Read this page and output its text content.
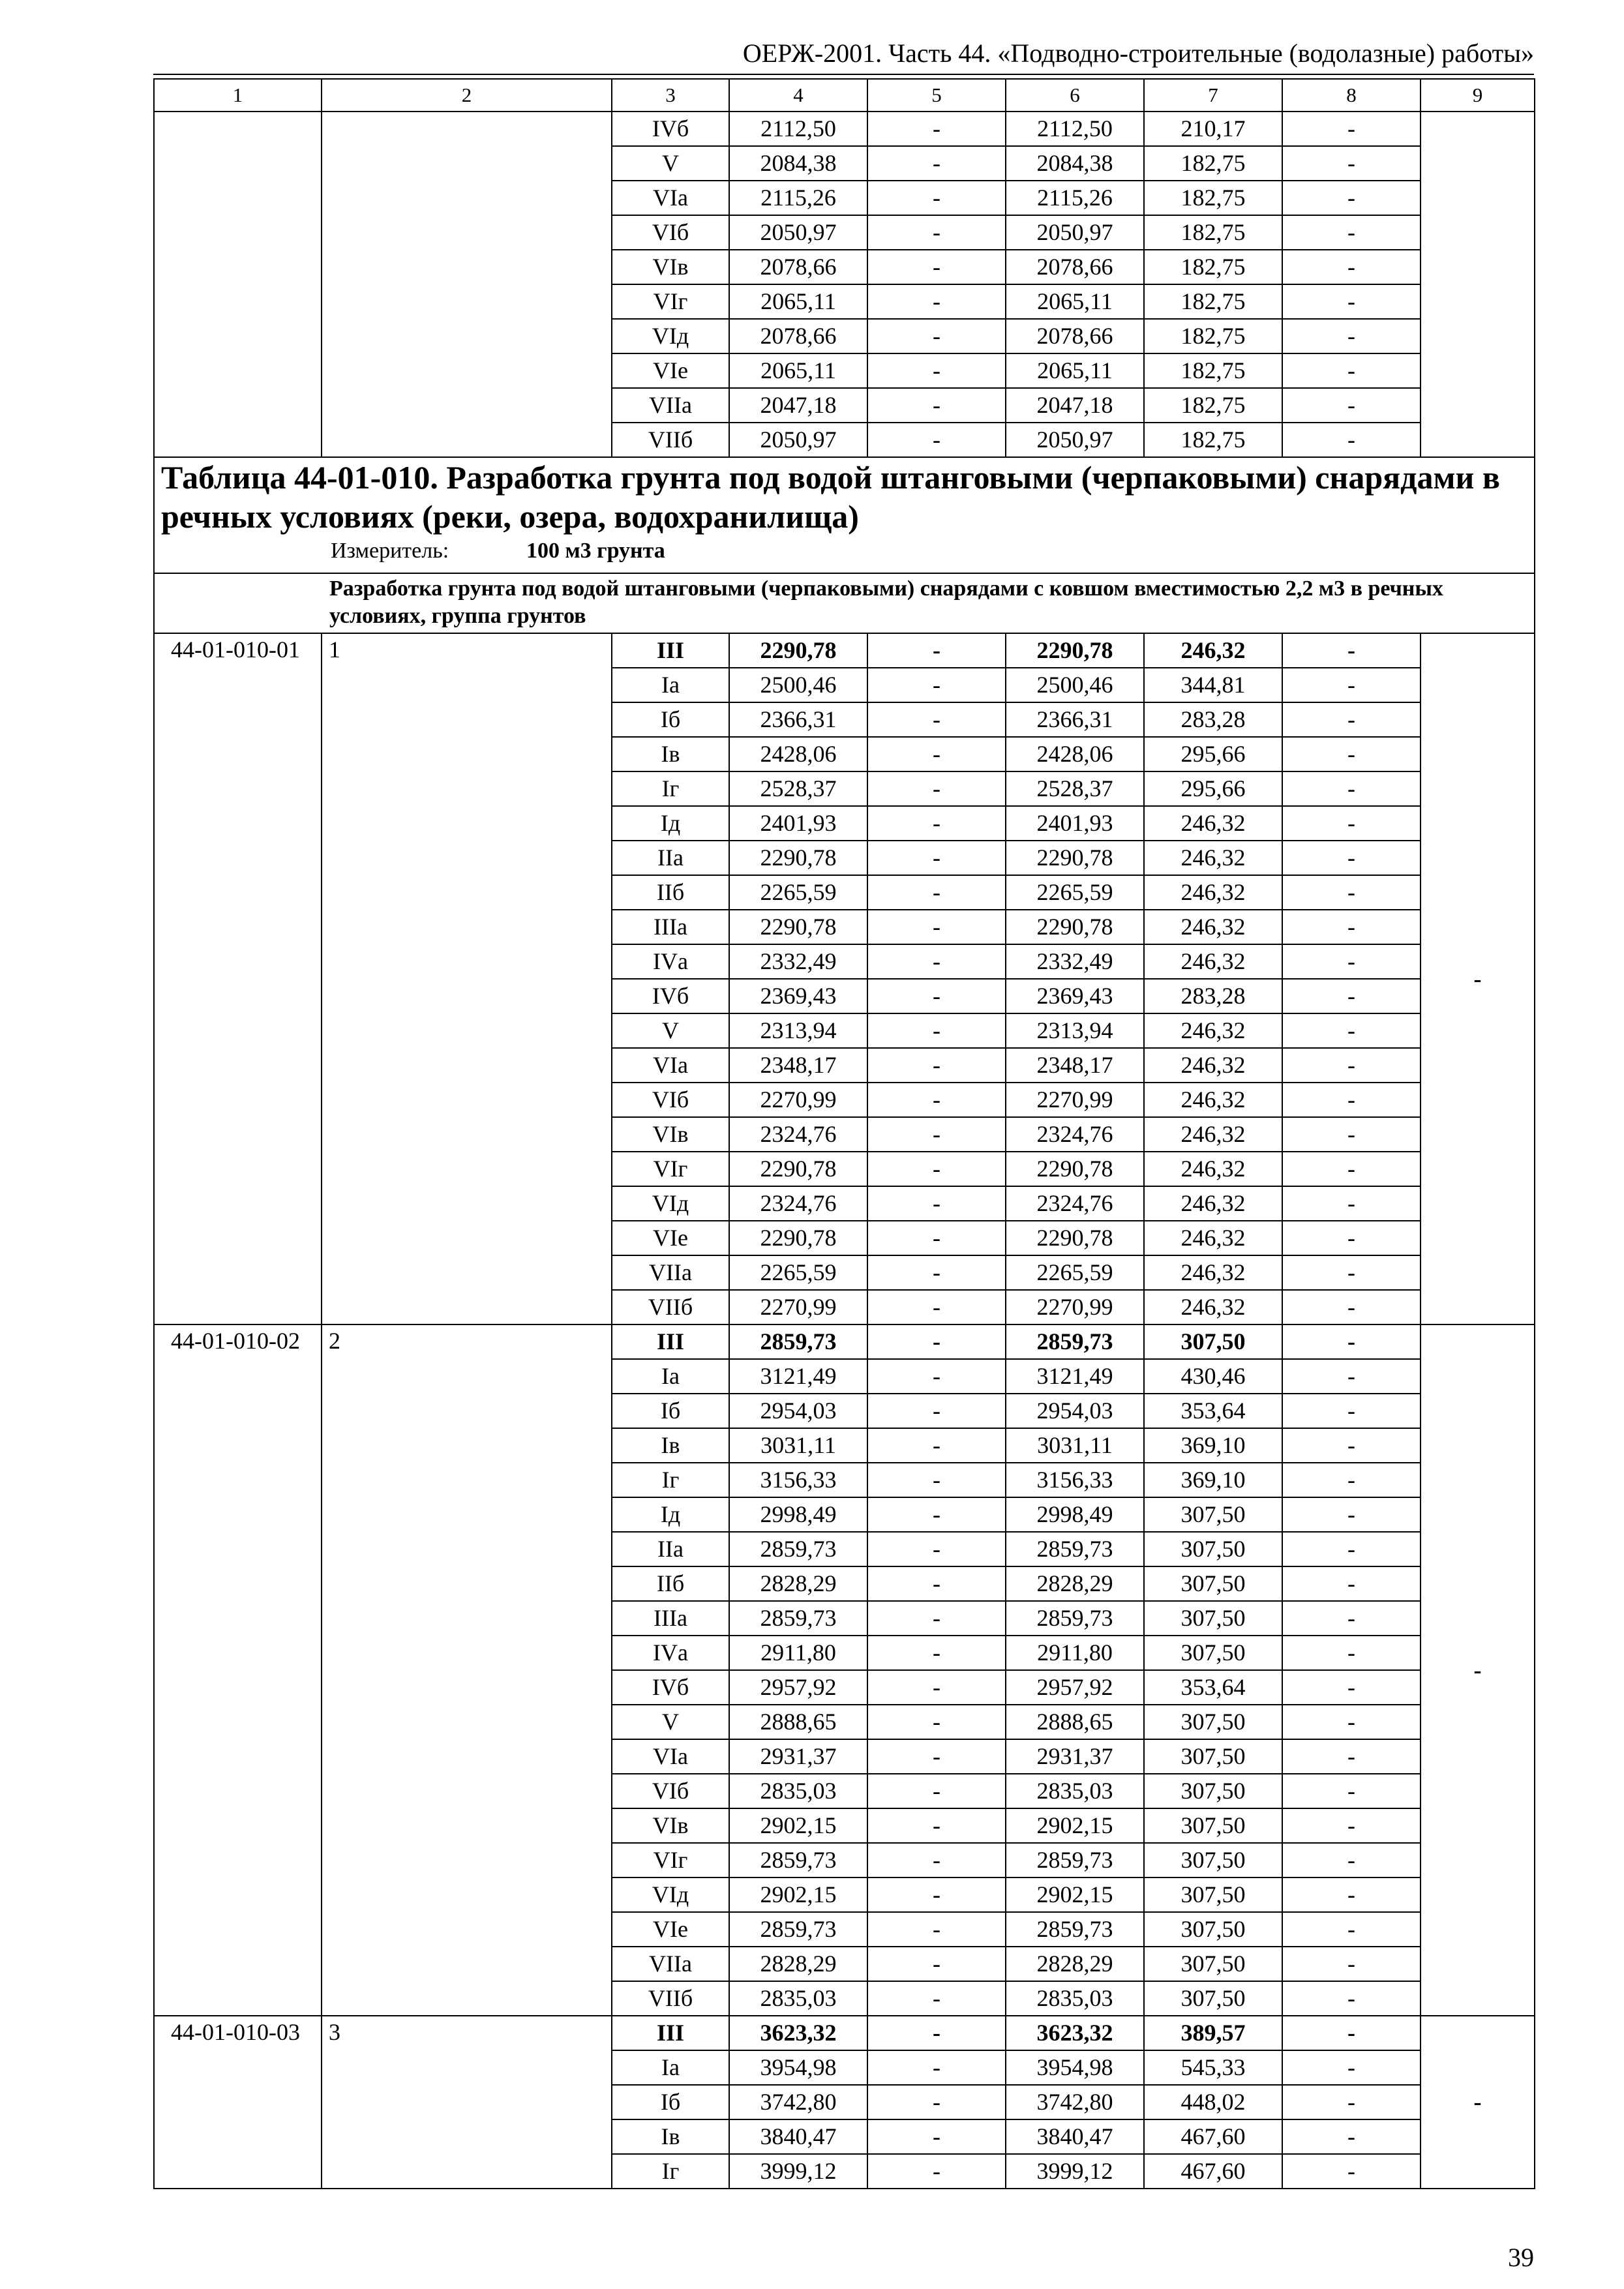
ОЕРЖ-2001. Часть 44. «Подводно-строительные (водолазные) работы»
1	2	3	4	5	6	7	8	9
		IVб	2112,50	-	2112,50	210,17	-	
		V	2084,38	-	2084,38	182,75	-	
		VIа	2115,26	-	2115,26	182,75	-	
		VIб	2050,97	-	2050,97	182,75	-	
		VIв	2078,66	-	2078,66	182,75	-	
		VIг	2065,11	-	2065,11	182,75	-	
		VIд	2078,66	-	2078,66	182,75	-	
		VIе	2065,11	-	2065,11	182,75	-	
		VIIа	2047,18	-	2047,18	182,75	-	
		VIIб	2050,97	-	2050,97	182,75	-	

Таблица 44-01-010. Разработка грунта под водой штанговыми (черпаковыми) снарядами в речных условиях (реки, озера, водохранилища)
Измеритель: 100 м3 грунта								

Разработка грунта под водой штанговыми (черпаковыми) снарядами с ковшом вместимостью 2,2 м3 в речных условиях, группа грунтов								
44-01-010-01	1	III	2290,78	-	2290,78	246,32	-	-
		Iа	2500,46	-	2500,46	344,81	-	
		Iб	2366,31	-	2366,31	283,28	-	
		Iв	2428,06	-	2428,06	295,66	-	
		Iг	2528,37	-	2528,37	295,66	-	
		Iд	2401,93	-	2401,93	246,32	-	
		IIа	2290,78	-	2290,78	246,32	-	
		IIб	2265,59	-	2265,59	246,32	-	
		IIIа	2290,78	-	2290,78	246,32	-	
		IVа	2332,49	-	2332,49	246,32	-	
		IVб	2369,43	-	2369,43	283,28	-	
		V	2313,94	-	2313,94	246,32	-	
		VIа	2348,17	-	2348,17	246,32	-	
		VIб	2270,99	-	2270,99	246,32	-	
		VIв	2324,76	-	2324,76	246,32	-	
		VIг	2290,78	-	2290,78	246,32	-	
		VIд	2324,76	-	2324,76	246,32	-	
		VIе	2290,78	-	2290,78	246,32	-	
		VIIа	2265,59	-	2265,59	246,32	-	
		VIIб	2270,99	-	2270,99	246,32	-	
44-01-010-02	2	III	2859,73	-	2859,73	307,50	-	-
		Iа	3121,49	-	3121,49	430,46	-	
		Iб	2954,03	-	2954,03	353,64	-	
		Iв	3031,11	-	3031,11	369,10	-	
		Iг	3156,33	-	3156,33	369,10	-	
		Iд	2998,49	-	2998,49	307,50	-	
		IIа	2859,73	-	2859,73	307,50	-	
		IIб	2828,29	-	2828,29	307,50	-	
		IIIа	2859,73	-	2859,73	307,50	-	
		IVа	2911,80	-	2911,80	307,50	-	
		IVб	2957,92	-	2957,92	353,64	-	
		V	2888,65	-	2888,65	307,50	-	
		VIа	2931,37	-	2931,37	307,50	-	
		VIб	2835,03	-	2835,03	307,50	-	
		VIв	2902,15	-	2902,15	307,50	-	
		VIг	2859,73	-	2859,73	307,50	-	
		VIд	2902,15	-	2902,15	307,50	-	
		VIе	2859,73	-	2859,73	307,50	-	
		VIIа	2828,29	-	2828,29	307,50	-	
		VIIб	2835,03	-	2835,03	307,50	-	
44-01-010-03	3	III	3623,32	-	3623,32	389,57	-	-
		Iа	3954,98	-	3954,98	545,33	-	
		Iб	3742,80	-	3742,80	448,02	-	
		Iв	3840,47	-	3840,47	467,60	-	
		Iг	3999,12	-	3999,12	467,60	-	
39
